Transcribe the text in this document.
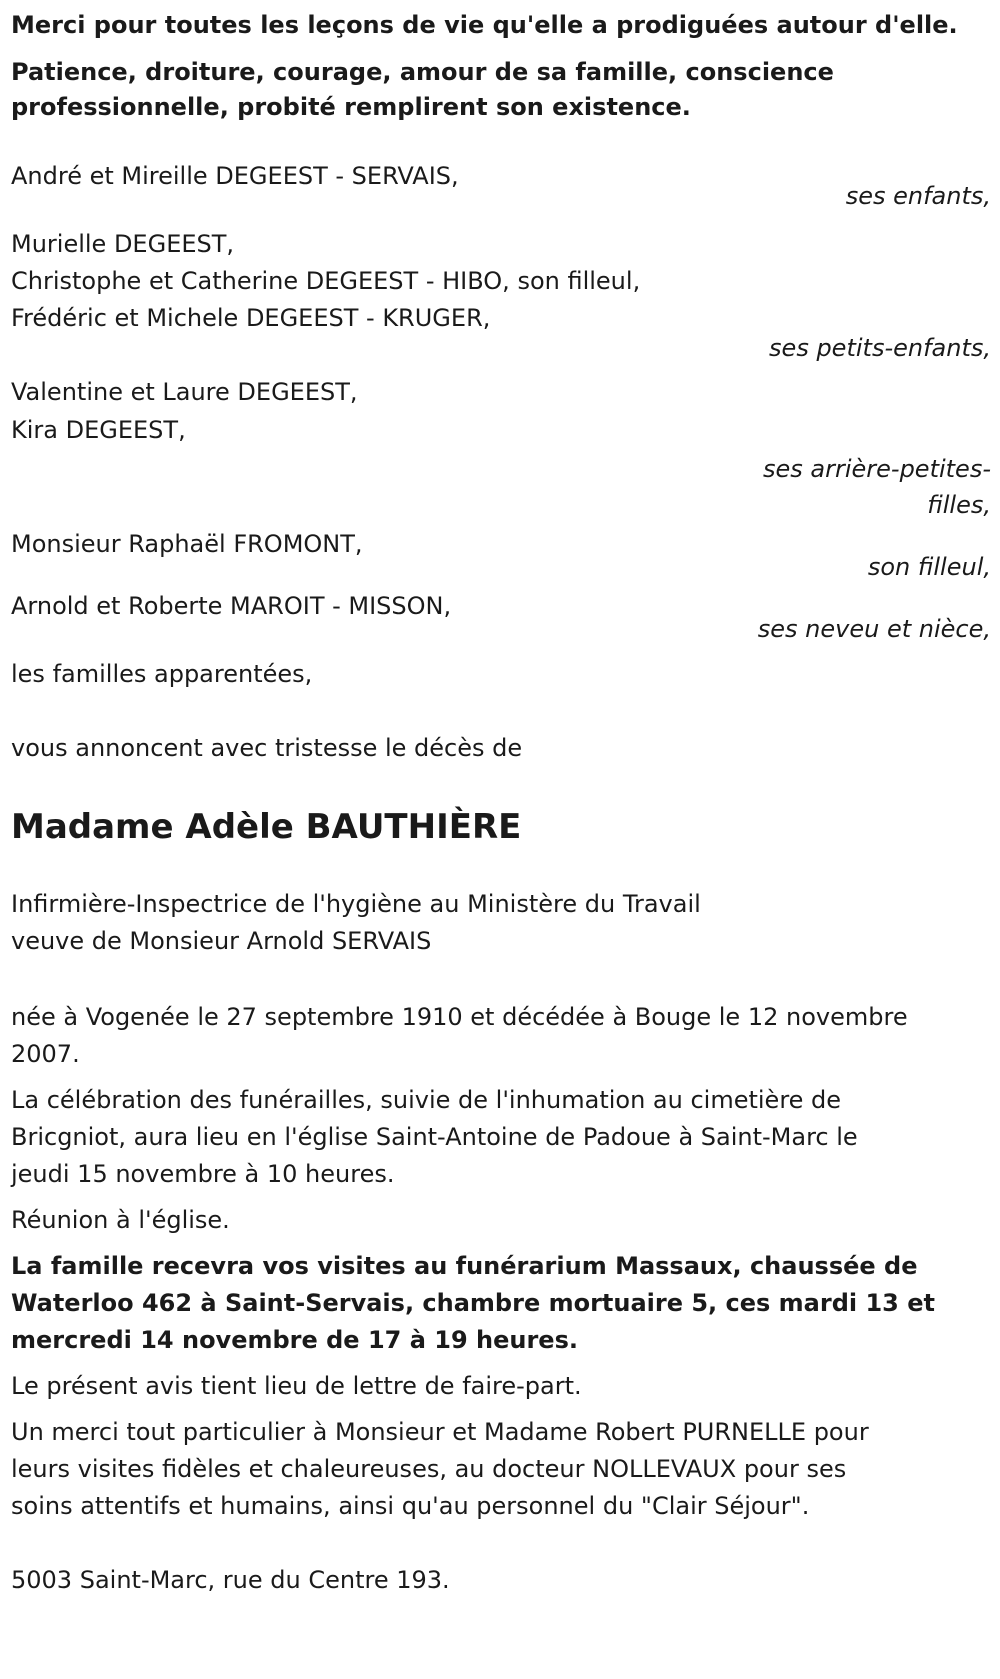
Merci pour toutes les leçons de vie qu'elle a prodiguées autour d'elle.

Patience, droiture, courage, amour de sa famille, conscience

professionnelle, probité remplirent son existence.

André et Mireille DEGEEST - SERVAIS,

ses enfants,

Murielle DEGEEST,

Christophe et Catherine DEGEEST - HIBO, son filleul,

Frédéric et Michele DEGEEST - KRUGER,

ses petits-enfants,

Valentine et Laure DEGEEST,

Kira DEGEEST,

ses arrière-petites-

filles,

Monsieur Raphaël FROMONT,

son filleul,

Arnold et Roberte MAROIT - MISSON,

ses neveu et nièce,

les familles apparentées,

vous annoncent avec tristesse le décès de

Madame Adèle BAUTHIÈRE

Infirmière-Inspectrice de l'hygiène au Ministère du Travail

veuve de Monsieur Arnold SERVAIS

née à Vogenée le 27 septembre 1910 et décédée à Bouge le 12 novembre

2007.

La célébration des funérailles, suivie de l'inhumation au cimetière de

Bricgniot, aura lieu en l'église Saint-Antoine de Padoue à Saint-Marc le

jeudi 15 novembre à 10 heures.

Réunion à l'église.

La famille recevra vos visites au funérarium Massaux, chaussée de

Waterloo 462 à Saint-Servais, chambre mortuaire 5, ces mardi 13 et

mercredi 14 novembre de 17 à 19 heures.

Le présent avis tient lieu de lettre de faire-part.

Un merci tout particulier à Monsieur et Madame Robert PURNELLE pour

leurs visites fidèles et chaleureuses, au docteur NOLLEVAUX pour ses

soins attentifs et humains, ainsi qu'au personnel du "Clair Séjour".

5003 Saint-Marc, rue du Centre 193.
